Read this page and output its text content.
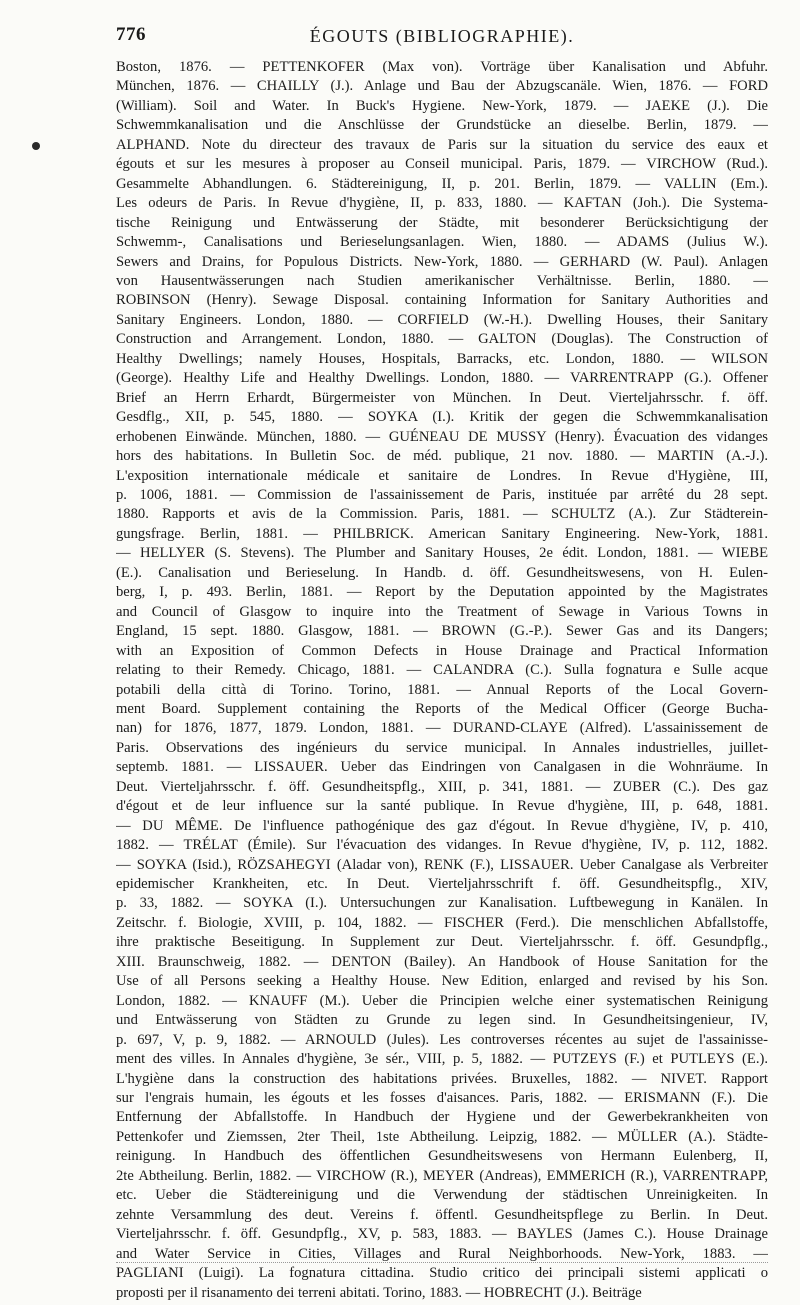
776	ÉGOUTS (BIBLIOGRAPHIE).
Boston, 1876. — PETTENKOFER (Max von). Vorträge über Kanalisation und Abfuhr.
München, 1876. — CHAILLY (J.). Anlage und Bau der Abzugscanäle. Wien, 1876. — FORD
(William). Soil and Water. In Buck's Hygiene. New-York, 1879. — JAEKE (J.). Die
Schwemmkanalisation und die Anschlüsse der Grundstücke an dieselbe. Berlin, 1879. —
ALPHAND. Note du directeur des travaux de Paris sur la situation du service des eaux et
égouts et sur les mesures à proposer au Conseil municipal. Paris, 1879. — VIRCHOW (Rud.).
Gesammelte Abhandlungen. 6. Städtereinigung, II, p. 201. Berlin, 1879. — VALLIN (Em.).
Les odeurs de Paris. In Revue d'hygiène, II, p. 833, 1880. — KAFTAN (Joh.). Die Systema-
tische Reinigung und Entwässerung der Städte, mit besonderer Berücksichtigung der
Schwemm-, Canalisations und Berieselungsanlagen. Wien, 1880. — ADAMS (Julius W.).
Sewers and Drains, for Populous Districts. New-York, 1880. — GERHARD (W. Paul). Anlagen
von Hausentwässerungen nach Studien amerikanischer Verhältnisse. Berlin, 1880. —
ROBINSON (Henry). Sewage Disposal. containing Information for Sanitary Authorities and
Sanitary Engineers. London, 1880. — CORFIELD (W.-H.). Dwelling Houses, their Sanitary
Construction and Arrangement. London, 1880. — GALTON (Douglas). The Construction of
Healthy Dwellings; namely Houses, Hospitals, Barracks, etc. London, 1880. — WILSON
(George). Healthy Life and Healthy Dwellings. London, 1880. — VARRENTRAPP (G.). Offener
Brief an Herrn Erhardt, Bürgermeister von München. In Deut. Vierteljahrsschr. f. öff.
Gesdflg., XII, p. 545, 1880. — SOYKA (I.). Kritik der gegen die Schwemmkanalisation
erhobenen Einwände. München, 1880. — GUÉNEAU DE MUSSY (Henry). Évacuation des vidanges
hors des habitations. In Bulletin Soc. de méd. publique, 21 nov. 1880. — MARTIN (A.-J.).
L'exposition internationale médicale et sanitaire de Londres. In Revue d'Hygiène, III,
p. 1006, 1881. — Commission de l'assainissement de Paris, instituée par arrêté du 28 sept.
1880. Rapports et avis de la Commission. Paris, 1881. — SCHULTZ (A.). Zur Städterein-
gungsfrage. Berlin, 1881. — PHILBRICK. American Sanitary Engineering. New-York, 1881.
— HELLYER (S. Stevens). The Plumber and Sanitary Houses, 2e édit. London, 1881. — WIEBE
(E.). Canalisation und Berieselung. In Handb. d. öff. Gesundheitswesens, von H. Eulen-
berg, I, p. 493. Berlin, 1881. — Report by the Deputation appointed by the Magistrates
and Council of Glasgow to inquire into the Treatment of Sewage in Various Towns in
England, 15 sept. 1880. Glasgow, 1881. — BROWN (G.-P.). Sewer Gas and its Dangers;
with an Exposition of Common Defects in House Drainage and Practical Information
relating to their Remedy. Chicago, 1881. — CALANDRA (C.). Sulla fognatura e Sulle acque
potabili della città di Torino. Torino, 1881. — Annual Reports of the Local Govern-
ment Board. Supplement containing the Reports of the Medical Officer (George Bucha-
nan) for 1876, 1877, 1879. London, 1881. — DURAND-CLAYE (Alfred). L'assainissement de
Paris. Observations des ingénieurs du service municipal. In Annales industrielles, juillet-
septemb. 1881. — LISSAUER. Ueber das Eindringen von Canalgasen in die Wohnräume. In
Deut. Vierteljahrsschr. f. öff. Gesundheitspflg., XIII, p. 341, 1881. — ZUBER (C.). Des gaz
d'égout et de leur influence sur la santé publique. In Revue d'hygiène, III, p. 648, 1881.
— DU MÊME. De l'influence pathogénique des gaz d'égout. In Revue d'hygiène, IV, p. 410,
1882. — TRÉLAT (Émile). Sur l'évacuation des vidanges. In Revue d'hygiène, IV, p. 112, 1882.
— SOYKA (Isid.), RÖZSAHEGYI (Aladar von), RENK (F.), LISSAUER. Ueber Canalgase als Verbreiter
epidemischer Krankheiten, etc. In Deut. Vierteljahrsschrift f. öff. Gesundheitspflg., XIV,
p. 33, 1882. — SOYKA (I.). Untersuchungen zur Kanalisation. Luftbewegung in Kanälen. In
Zeitschr. f. Biologie, XVIII, p. 104, 1882. — FISCHER (Ferd.). Die menschlichen Abfallstoffe,
ihre praktische Beseitigung. In Supplement zur Deut. Vierteljahrsschr. f. öff. Gesundpflg.,
XIII. Braunschweig, 1882. — DENTON (Bailey). An Handbook of House Sanitation for the
Use of all Persons seeking a Healthy House. New Edition, enlarged and revised by his Son.
London, 1882. — KNAUFF (M.). Ueber die Principien welche einer systematischen Reinigung
und Entwässerung von Städten zu Grunde zu legen sind. In Gesundheitsingenieur, IV,
p. 697, V, p. 9, 1882. — ARNOULD (Jules). Les controverses récentes au sujet de l'assainisse-
ment des villes. In Annales d'hygiène, 3e sér., VIII, p. 5, 1882. — PUTZEYS (F.) et PUTLEYS (E.).
L'hygiène dans la construction des habitations privées. Bruxelles, 1882. — NIVET. Rapport
sur l'engrais humain, les égouts et les fosses d'aisances. Paris, 1882. — ERISMANN (F.). Die
Entfernung der Abfallstoffe. In Handbuch der Hygiene und der Gewerbekrankheiten von
Pettenkofer und Ziemssen, 2ter Theil, 1ste Abtheilung. Leipzig, 1882. — MÜLLER (A.). Städte-
reinigung. In Handbuch des öffentlichen Gesundheitswesens von Hermann Eulenberg, II,
2te Abtheilung. Berlin, 1882. — VIRCHOW (R.), MEYER (Andreas), EMMERICH (R.), VARRENTRAPP,
etc. Ueber die Städtereinigung und die Verwendung der städtischen Unreinigkeiten. In
zehnte Versammlung des deut. Vereins f. öffentl. Gesundheitspflege zu Berlin. In Deut.
Vierteljahrsschr. f. öff. Gesundpflg., XV, p. 583, 1883. — BAYLES (James C.). House Drainage
and Water Service in Cities, Villages and Rural Neighborhoods. New-York, 1883. —
PAGLIANI (Luigi). La fognatura cittadina. Studio critico dei principali sistemi applicati o
proposti per il risanamento dei terreni abitati. Torino, 1883. — HOBRECHT (J.). Beiträge
